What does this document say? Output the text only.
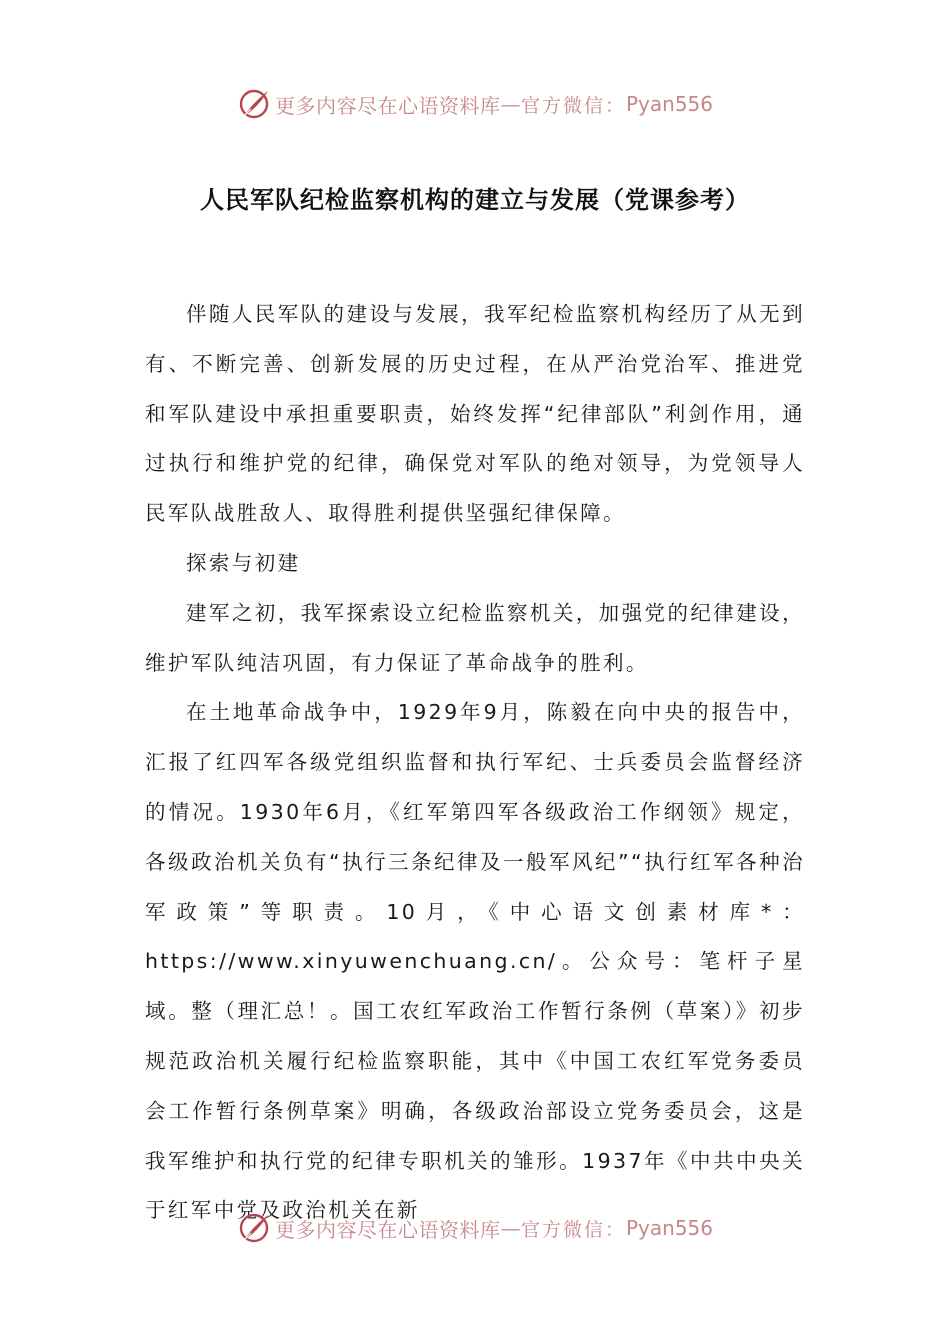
更多内容尽在心语资料库 — 官方微信： Pyan556
人民军队纪检监察机构的建立与发展（党课参考）

伴随人民军队的建设与发展，我军纪检监察机构经历了从无到有、不断完善、创新发展的历史过程，在从严治党治军、推进党和军队建设中承担重要职责，始终发挥“纪律部队”利剑作用，通过执行和维护党的纪律，确保党对军队的绝对领导，为党领导人民军队战胜敌人、取得胜利提供坚强纪律保障。

探索与初建

建军之初，我军探索设立纪检监察机关，加强党的纪律建设，维护军队纯洁巩固，有力保证了革命战争的胜利。

在土地革命战争中，1929年9月，陈毅在向中央的报告中，汇报了红四军各级党组织监督和执行军纪、士兵委员会监督经济的情况。1930年6月，《红军第四军各级政治工作纲领》规定，各级政治机关负有“执行三条纪律及一般军风纪”“执行红军各种治军政策”等职责。10月，《中心语文创素材库*：https://www.xinyuwenchuang.cn/。公众号：笔杆子星域。整（理汇总！。国工农红军政治工作暂行条例（草案）》初步规范政治机关履行纪检监察职能，其中《中国工农红军党务委员会工作暂行条例草案》明确，各级政治部设立党务委员会，这是我军维护和执行党的纪律专职机关的雏形。1937年《中共中央关于红军中党及政治机关在新

更多内容尽在心语资料库 — 官方微信： Pyan556
